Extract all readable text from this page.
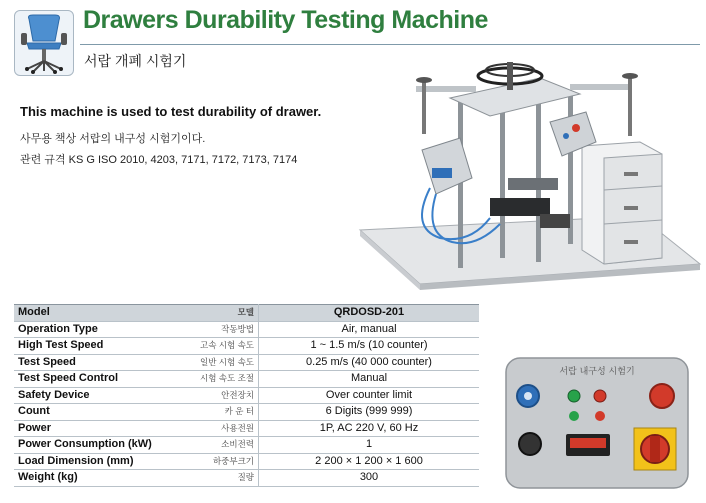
Drawers Durability Testing Machine
서랍 개폐 시험기
This machine is used to test durability of drawer.
사무용 책상 서랍의 내구성 시험기이다.
관련 규격 KS G ISO 2010, 4203, 7171, 7172, 7173, 7174
Model	모델	QRDOSD-201
Operation Type	작동방법	Air, manual
High Test Speed	고속 시험 속도	1 ~ 1.5 m/s (10 counter)
Test Speed	일반 시험 속도	0.25 m/s (40 000 counter)
Test Speed Control	시험 속도 조절	Manual
Safety Device	안전장치	Over counter limit
Count	카 운 터	6 Digits (999 999)
Power	사용전원	1P, AC 220 V, 60 Hz
Power Consumption (kW)	소비전력	1
Load Dimension (mm)	하중부크기	2 200 × 1 200 × 1 600
Weight (kg)	질량	300
서랍 내구성 시험기
